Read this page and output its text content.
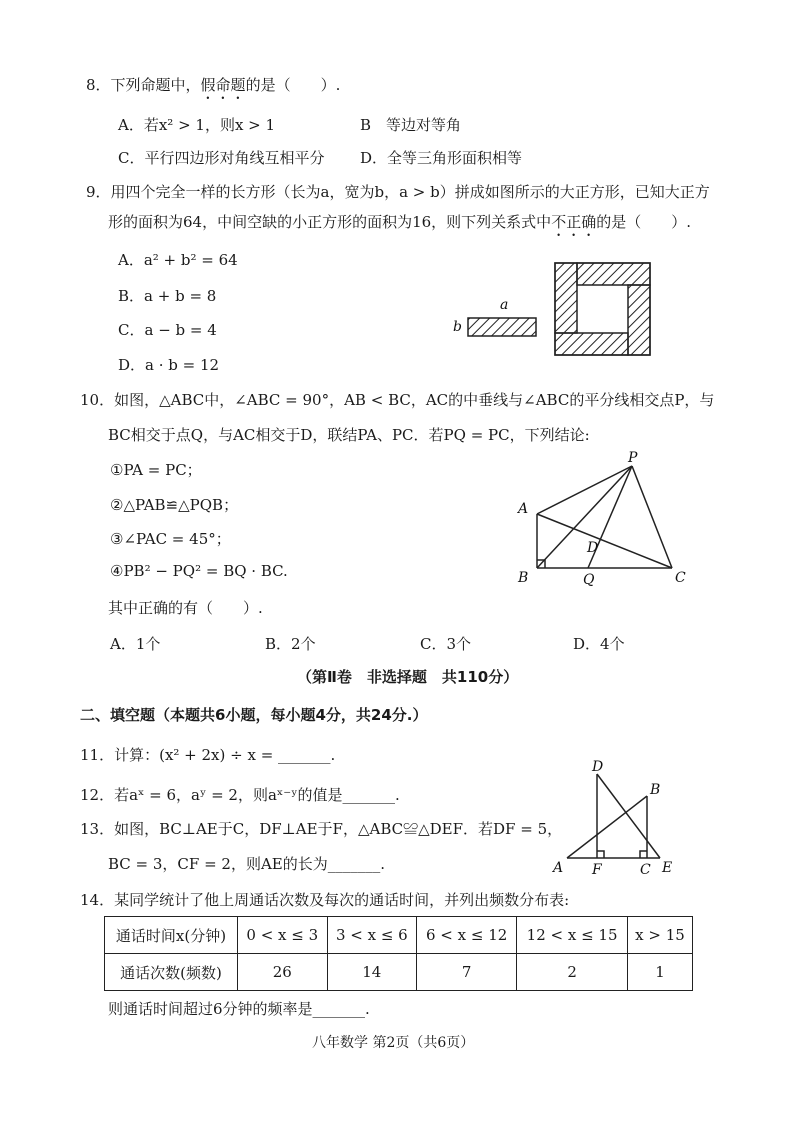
8．下列命题中，假命题的是（　　）.
A．若x² > 1，则x > 1	B　等边对等角
C．平行四边形对角线互相平分 D．全等三角形面积相等
9．用四个完全一样的长方形（长为a，宽为b，a > b）拼成如图所示的大正方形，已知大正方
形的面积为64，中间空缺的小正方形的面积为16，则下列关系式中不正确的是（　　）.
A．a² + b² = 64
B．a + b = 8
C．a − b = 4
D．a · b = 12
a
b
10．如图，△ABC中，∠ABC = 90°，AB < BC，AC的中垂线与∠ABC的平分线相交点P，与
BC相交于点Q，与AC相交于D，联结PA、PC．若PQ = PC，下列结论:
①PA = PC；
②△PAB≌△PQB；
③∠PAC = 45°；
④PB² − PQ² = BQ · BC.
其中正确的有（　　）.
A．1个	B．2个	C．3个	D．4个
P
A
D
B	Q	C
（第Ⅱ卷　非选择题　共110分）
二、填空题（本题共6小题，每小题4分，共24分.）
11．计算：(x² + 2x) ÷ x = _______.
12．若aˣ = 6，aʸ = 2，则aˣ⁻ʸ的值是_______.
13．如图，BC⊥AE于C，DF⊥AE于F，△ABC≌△DEF．若DF = 5，
BC = 3，CF = 2，则AE的长为_______.
D
B
A F	C E
14．某同学统计了他上周通话次数及每次的通话时间，并列出频数分布表:
通话时间x(分钟)	0 < x ≤ 3	3 < x ≤ 6	6 < x ≤ 12	12 < x ≤ 15	x > 15
通话次数(频数)	26	14	7	2	1
则通话时间超过6分钟的频率是_______.
八年数学 第2页（共6页）
